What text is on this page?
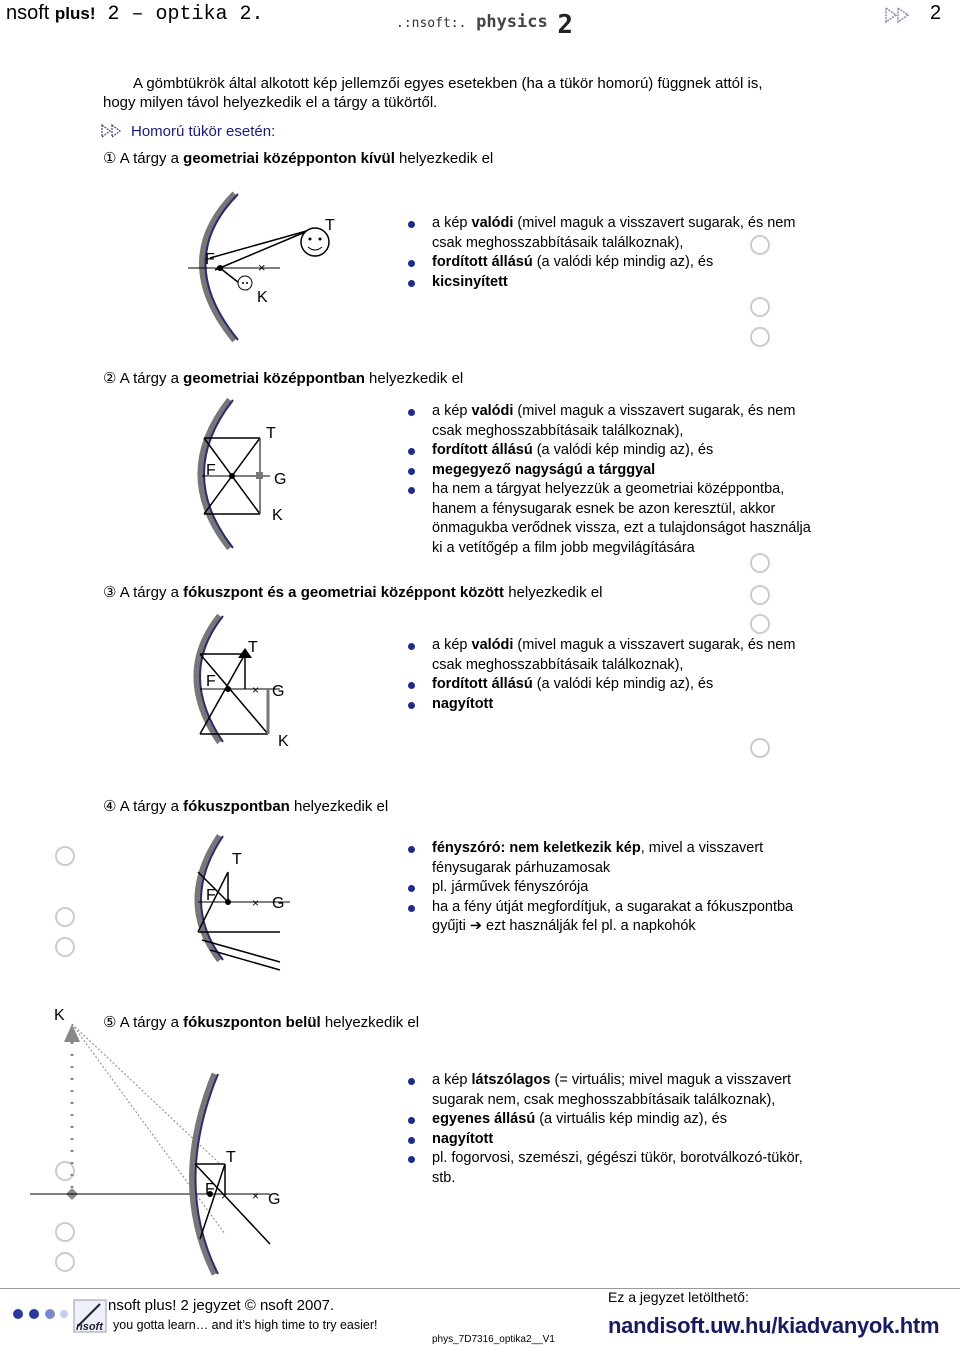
nsoft plus! 2 – optika 2.	.:nsoft:. physics 2	2

A gömbtükrök által alkotott kép jellemzői egyes esetekben (ha a tükör homorú) függnek attól is,

hogy milyen távol helyezkedik el a tárgy a tükörtől.

Homorú tükör esetén:
① A tárgy a geometriai középponton kívül helyezkedik el
② A tárgy a geometriai középpontban helyezkedik el
③ A tárgy a fókuszpont és a geometriai középpont között helyezkedik el
④ A tárgy a fókuszpontban helyezkedik el
⑤ A tárgy a fókuszponton belül helyezkedik el
a kép valódi (mivel maguk a visszavert sugarak, és nem
csak meghosszabbításaik találkoznak),
fordított állású (a valódi kép mindig az), és
kicsinyített
a kép valódi (mivel maguk a visszavert sugarak, és nem
csak meghosszabbításaik találkoznak),
fordított állású (a valódi kép mindig az), és
megegyező nagyságú a tárggyal
ha nem a tárgyat helyezzük a geometriai középpontba,
hanem a fénysugarak esnek be azon keresztül, akkor
önmagukba verődnek vissza, ezt a tulajdonságot használja
ki a vetítőgép a film jobb megvilágítására
a kép valódi (mivel maguk a visszavert sugarak, és nem
csak meghosszabbításaik találkoznak),
fordított állású (a valódi kép mindig az), és
nagyított
fényszóró: nem keletkezik kép, mivel a visszavert
fénysugarak párhuzamosak
pl. járművek fényszórója
ha a fény útját megfordítjuk, a sugarakat a fókuszpontba
gyűjti ➔ ezt használják fel pl. a napkohók
a kép látszólagos (= virtuális; mivel maguk a visszavert
sugarak nem, csak meghosszabbításaik találkoznak),
egyenes állású (a virtuális kép mindig az), és
nagyított
pl. fogorvosi, szemészi, gégészi tükör, borotválkozó-tükör,
stb.
×
F
T
K
F
T
G
K
×
F
T
G
K
×
F
T
G
× ×
F
T
G
K
nsoft
nsoft plus! 2 jegyzet © nsoft 2007.
you gotta learn… and it’s high time to try easier!
phys_7D7316_optika2__V1
Ez a jegyzet letölthető:
nandisoft.uw.hu/kiadvanyok.htm
